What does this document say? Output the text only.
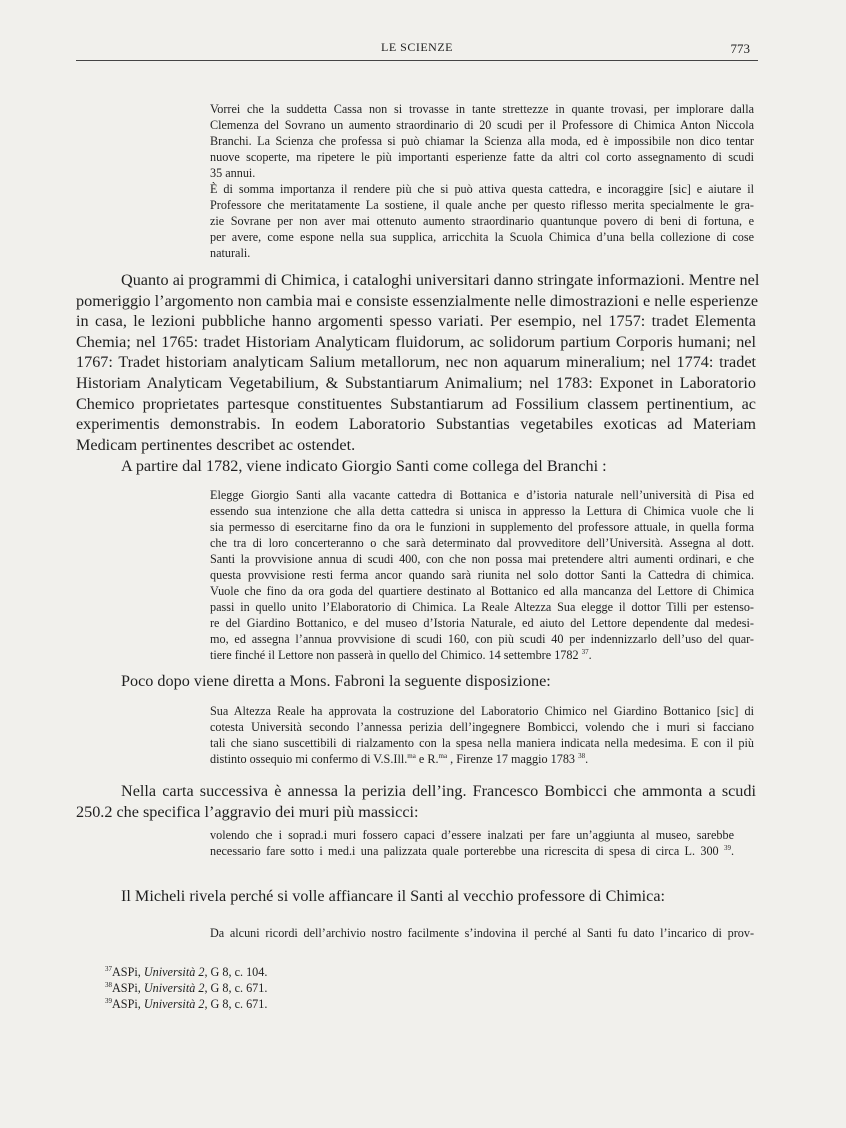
LE SCIENZE	773
Vorrei che la suddetta Cassa non si trovasse in tante strettezze in quante trovasi, per implorare dalla
Clemenza del Sovrano un aumento straordinario di 20 scudi per il Professore di Chimica Anton Niccola
Branchi. La Scienza che professa si può chiamar la Scienza alla moda, ed è impossibile non dico tentar
nuove scoperte, ma ripetere le più importanti esperienze fatte da altri col corto assegnamento di scudi
35 annui.
È di somma importanza il rendere più che si può attiva questa cattedra, e incoraggire [sic] e aiutare il
Professore che meritatamente La sostiene, il quale anche per questo riflesso merita specialmente le gra-
zie Sovrane per non aver mai ottenuto aumento straordinario quantunque povero di beni di fortuna, e
per avere, come espone nella sua supplica, arricchita la Scuola Chimica d’una bella collezione di cose
naturali.
Quanto ai programmi di Chimica, i cataloghi universitari danno stringate informazioni. Mentre nel
pomeriggio l’argomento non cambia mai e consiste essenzialmente nelle dimostrazioni e nelle esperienze
in casa, le lezioni pubbliche hanno argomenti spesso variati. Per esempio, nel 1757: tradet Elementa
Chemia; nel 1765: tradet Historiam Analyticam fluidorum, ac solidorum partium Corporis humani; nel
1767: Tradet historiam analyticam Salium metallorum, nec non aquarum mineralium; nel 1774: tradet
Historiam Analyticam Vegetabilium, & Substantiarum Animalium; nel 1783: Exponet in Laboratorio
Chemico proprietates partesque constituentes Substantiarum ad Fossilium classem pertinentium, ac
experimentis demonstrabis. In eodem Laboratorio Substantias vegetabiles exoticas ad Materiam
Medicam pertinentes describet ac ostendet.
A partire dal 1782, viene indicato Giorgio Santi come collega del Branchi :
Elegge Giorgio Santi alla vacante cattedra di Bottanica e d’istoria naturale nell’università di Pisa ed
essendo sua intenzione che alla detta cattedra si unisca in appresso la Lettura di Chimica vuole che li
sia permesso di esercitarne fino da ora le funzioni in supplemento del professore attuale, in quella forma
che tra di loro concerteranno o che sarà determinato dal provveditore dell’Università. Assegna al dott.
Santi la provvisione annua di scudi 400, con che non possa mai pretendere altri aumenti ordinari, e che
questa provvisione resti ferma ancor quando sarà riunita nel solo dottor Santi la Cattedra di chimica.
Vuole che fino da ora goda del quartiere destinato al Bottanico ed alla mancanza del Lettore di Chimica
passi in quello unito l’Elaboratorio di Chimica. La Reale Altezza Sua elegge il dottor Tilli per estenso-
re del Giardino Bottanico, e del museo d’Istoria Naturale, ed aiuto del Lettore dependente dal medesi-
mo, ed assegna l’annua provvisione di scudi 160, con più scudi 40 per indennizzarlo dell’uso del quar-
tiere finché il Lettore non passerà in quello del Chimico. 14 settembre 1782 $^{37}$.
Poco dopo viene diretta a Mons. Fabroni la seguente disposizione:
Sua Altezza Reale ha approvata la costruzione del Laboratorio Chimico nel Giardino Bottanico [sic] di
cotesta Università secondo l’annessa perizia dell’ingegnere Bombicci, volendo che i muri si facciano
tali che siano suscettibili di rialzamento con la spesa nella maniera indicata nella medesima. E con il più
distinto ossequio mi confermo di V.S.Ill.$^{ma}$ e R.$^{ma}$ , Firenze 17 maggio 1783 $^{38}$.
Nella carta successiva è annessa la perizia dell’ing. Francesco Bombicci che ammonta a scudi
250.2 che specifica l’aggravio dei muri più massicci:
volendo che i soprad.i muri fossero capaci d’essere inalzati per fare un’aggiunta al museo, sarebbe
necessario fare sotto i med.i una palizzata quale porterebbe una ricrescita di spesa di circa L. 300 $^{39}$.
Il Micheli rivela perché si volle affiancare il Santi al vecchio professore di Chimica:
Da alcuni ricordi dell’archivio nostro facilmente s’indovina il perché al Santi fu dato l’incarico di prov-
$^{37}$ASPi, Università 2, G 8, c. 104.
$^{38}$ASPi, Università 2, G 8, c. 671.
$^{39}$ASPi, Università 2, G 8, c. 671.
